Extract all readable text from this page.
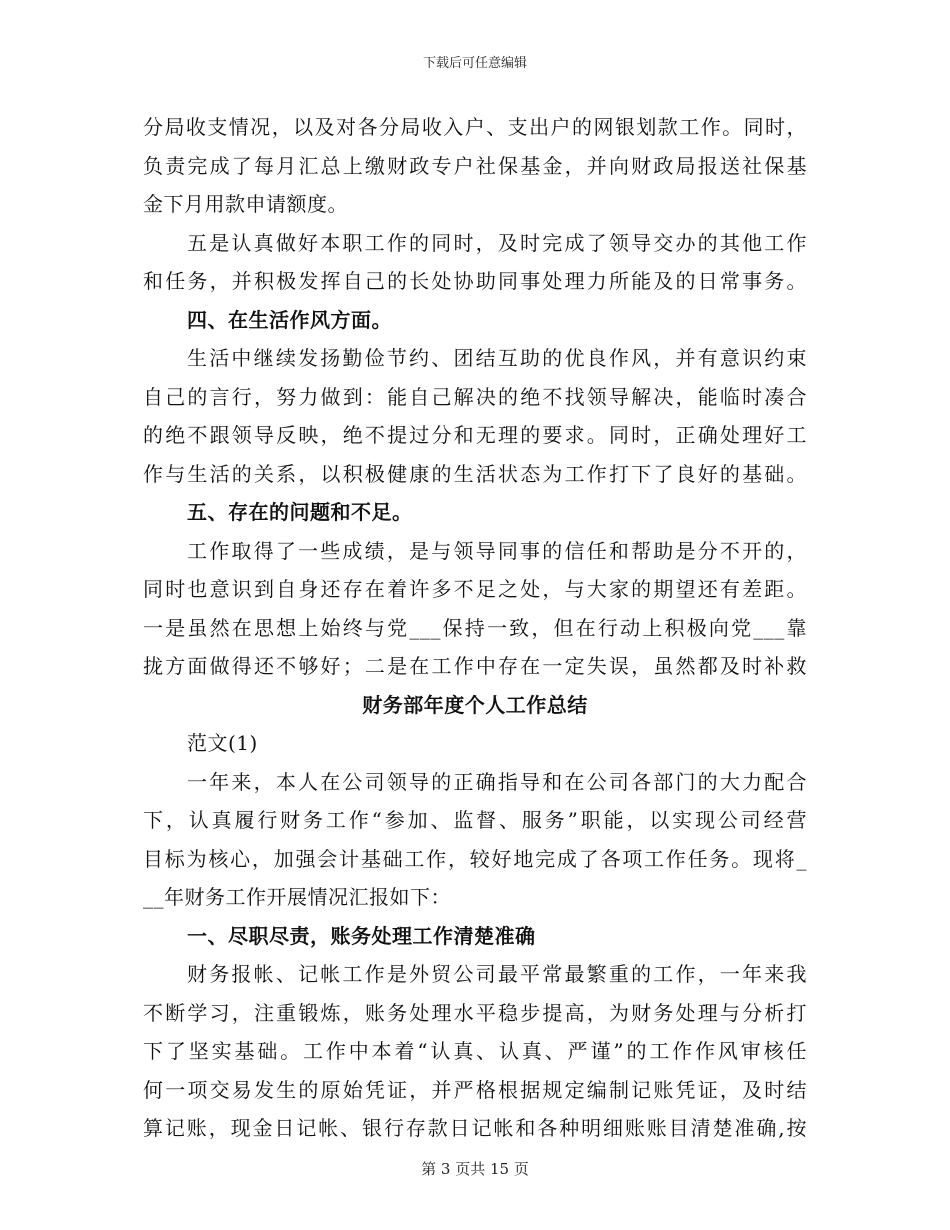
下载后可任意编辑
分局收支情况，以及对各分局收入户、支出户的网银划款工作。同时，
负责完成了每月汇总上缴财政专户社保基金，并向财政局报送社保基
金下月用款申请额度。
五是认真做好本职工作的同时，及时完成了领导交办的其他工作
和任务，并积极发挥自己的长处协助同事处理力所能及的日常事务。
四、在生活作风方面。
生活中继续发扬勤俭节约、团结互助的优良作风，并有意识约束
自己的言行，努力做到：能自己解决的绝不找领导解决，能临时凑合
的绝不跟领导反映，绝不提过分和无理的要求。同时，正确处理好工
作与生活的关系，以积极健康的生活状态为工作打下了良好的基础。
五、存在的问题和不足。
工作取得了一些成绩，是与领导同事的信任和帮助是分不开的，
同时也意识到自身还存在着许多不足之处，与大家的期望还有差距。
一是虽然在思想上始终与党___保持一致，但在行动上积极向党___靠
拢方面做得还不够好；二是在工作中存在一定失误，虽然都及时补救
财务部年度个人工作总结
范文(1)
一年来，本人在公司领导的正确指导和在公司各部门的大力配合
下，认真履行财务工作“参加、监督、服务”职能，以实现公司经营
目标为核心，加强会计基础工作，较好地完成了各项工作任务。现将_
__年财务工作开展情况汇报如下：
一、尽职尽责，账务处理工作清楚准确
财务报帐、记帐工作是外贸公司最平常最繁重的工作，一年来我
不断学习，注重锻炼，账务处理水平稳步提高，为财务处理与分析打
下了坚实基础。工作中本着“认真、认真、严谨”的工作作风审核任
何一项交易发生的原始凭证，并严格根据规定编制记账凭证，及时结
算记账，现金日记帐、银行存款日记帐和各种明细账账目清楚准确,按
第 3 页共 15 页
